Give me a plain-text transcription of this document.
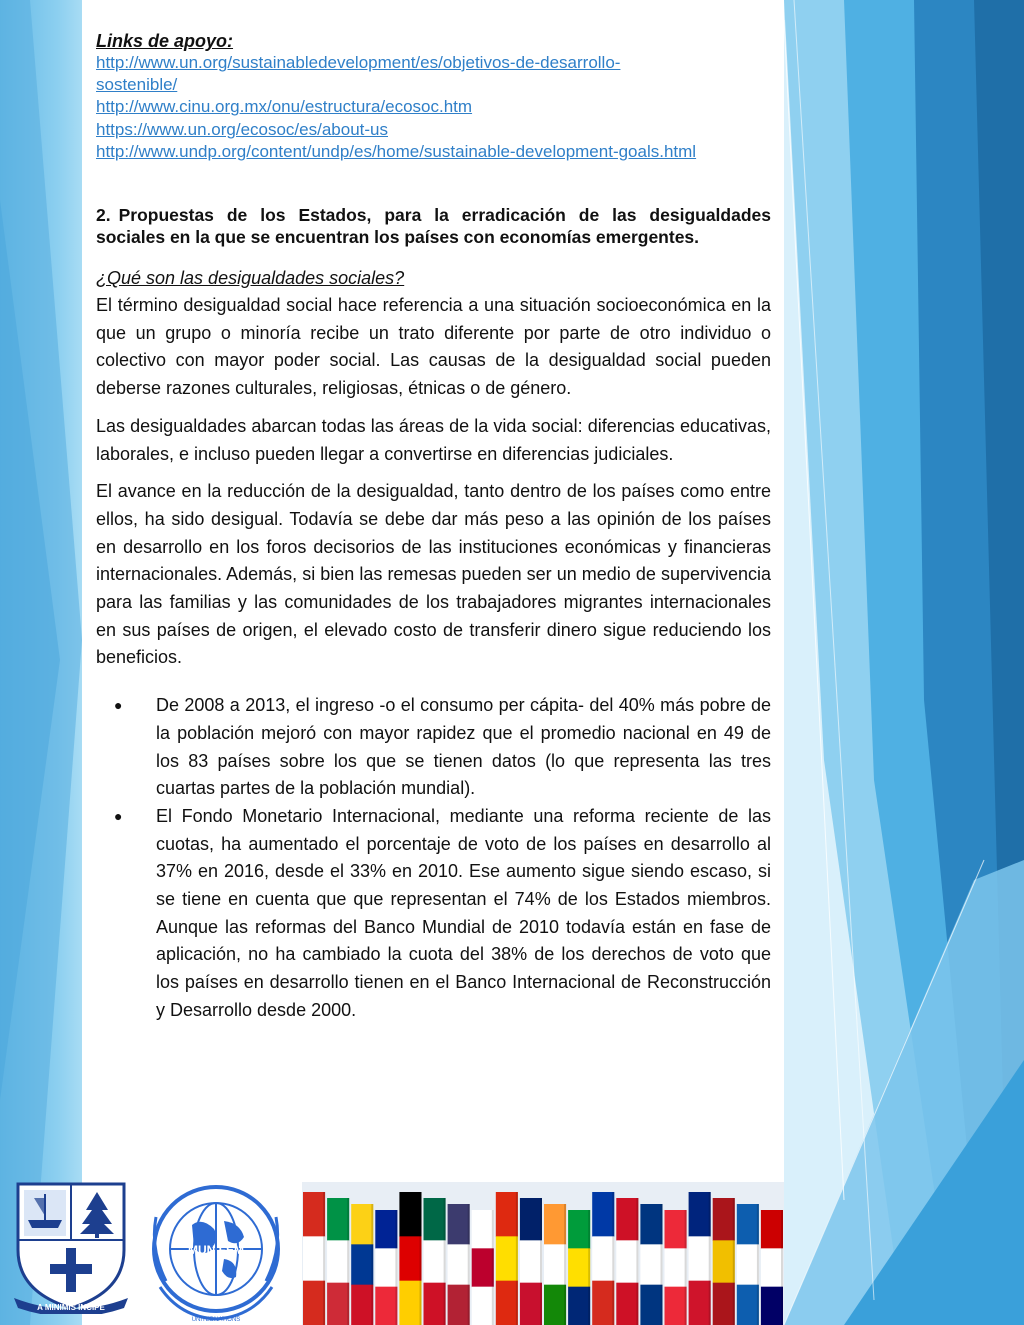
Links de apoyo:
http://www.un.org/sustainabledevelopment/es/objetivos-de-desarrollo-
sostenible/
http://www.cinu.org.mx/onu/estructura/ecosoc.htm
https://www.un.org/ecosoc/es/about-us
http://www.undp.org/content/undp/es/home/sustainable-development-goals.html
____________________________________________________________________________________________
2. Propuestas de los Estados, para la erradicación de las desigualdades sociales en la que se encuentran los países con economías emergentes.
¿Qué son las desigualdades sociales?

El término desigualdad social hace referencia a una situación socioeconómica en la que un grupo o minoría recibe un trato diferente por parte de otro individuo o colectivo con mayor poder social. Las causas de la desigualdad social pueden deberse razones culturales, religiosas, étnicas o de género.

Las desigualdades abarcan todas las áreas de la vida social: diferencias educativas, laborales, e incluso pueden llegar a convertirse en diferencias judiciales.

El avance en la reducción de la desigualdad, tanto dentro de los países como entre ellos, ha sido desigual. Todavía se debe dar más peso a las opinión de los países en desarrollo en los foros decisorios de las instituciones económicas y financieras internacionales. Además, si bien las remesas pueden ser un medio de supervivencia para las familias y las comunidades de los trabajadores migrantes internacionales en sus países de origen, el elevado costo de transferir dinero sigue reduciendo los beneficios.

● De 2008 a 2013, el ingreso -o el consumo per cápita- del 40% más pobre de la población mejoró con mayor rapidez que el promedio nacional en 49 de los 83 países sobre los que se tienen datos (lo que representa las tres cuartas partes de la población mundial).
● El Fondo Monetario Internacional, mediante una reforma reciente de las cuotas, ha aumentado el porcentaje de voto de los países en desarrollo al 37% en 2016, desde el 33% en 2010. Ese aumento sigue siendo escaso, si se tiene en cuenta que que representan el 74% de los Estados miembros. Aunque las reformas del Banco Mundial de 2010 todavía están en fase de aplicación, no ha cambiado la cuota del 38% de los derechos de voto que los países en desarrollo tienen en el Banco Internacional de Reconstrucción y Desarrollo desde 2000.
A MINIMIS INCIPE
MUN FEM
UNITEDNATIONS
